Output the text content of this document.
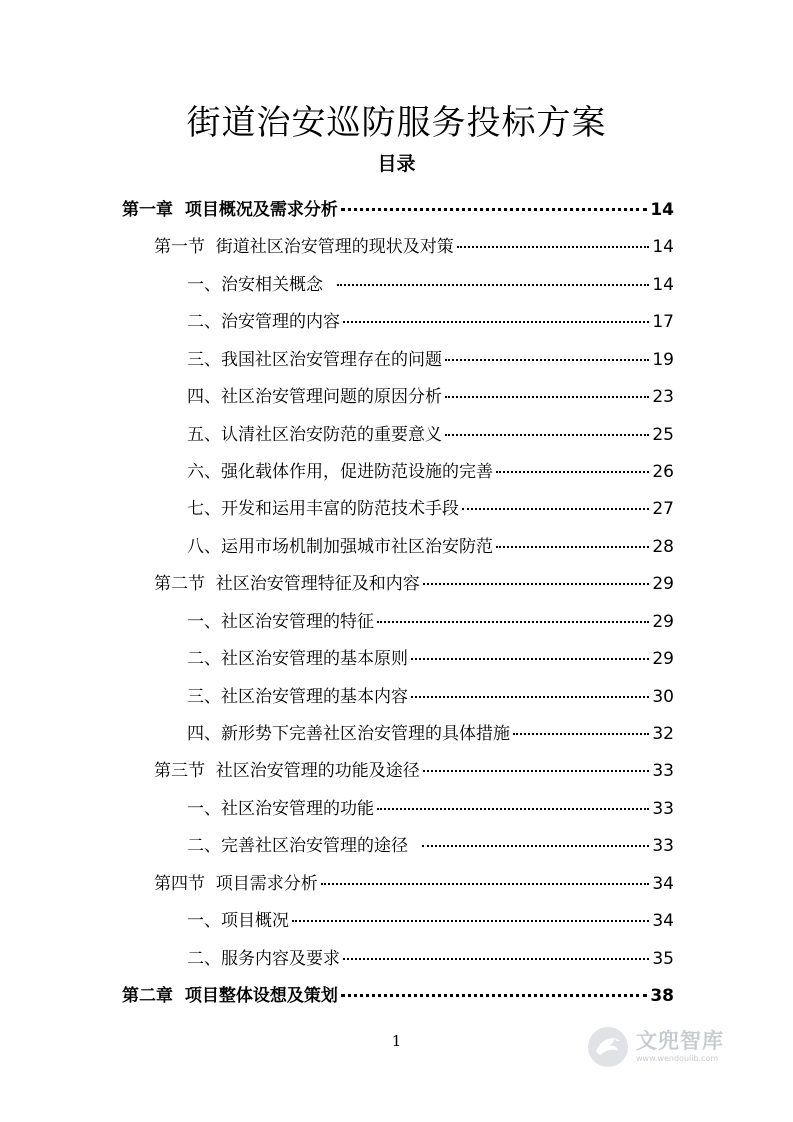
街道治安巡防服务投标方案
目录
第一章  项目概况及需求分析	14
第一节  街道社区治安管理的现状及对策	14
一、治安相关概念	14
二、治安管理的内容	17
三、我国社区治安管理存在的问题	19
四、社区治安管理问题的原因分析	23
五、认清社区治安防范的重要意义	25
六、强化载体作用，促进防范设施的完善	26
七、开发和运用丰富的防范技术手段	27
八、运用市场机制加强城市社区治安防范	28
第二节  社区治安管理特征及和内容	29
一、社区治安管理的特征	29
二、社区治安管理的基本原则	29
三、社区治安管理的基本内容	30
四、新形势下完善社区治安管理的具体措施	32
第三节  社区治安管理的功能及途径	33
一、社区治安管理的功能	33
二、完善社区治安管理的途径	33
第四节  项目需求分析	34
一、项目概况	34
二、服务内容及要求	35
第二章  项目整体设想及策划	38
1	文兜智库
www.wendoulib.com
